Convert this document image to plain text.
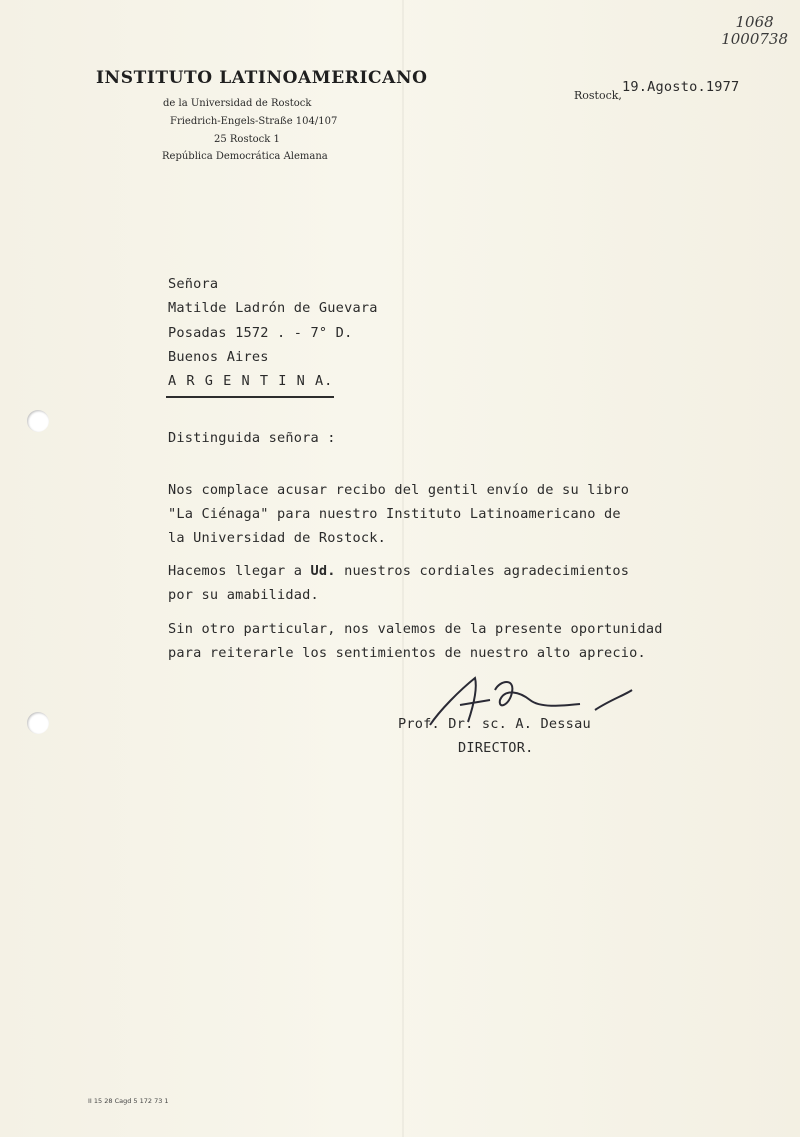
1068
1000738
INSTITUTO LATINOAMERICANO
de la Universidad de Rostock
Friedrich-Engels-Straße 104/107
25 Rostock 1
República Democrática Alemana
Rostock,
19.Agosto.1977
Señora
Matilde Ladrón de Guevara
Posadas 1572 . - 7° D.
Buenos Aires
A R G E N T I N A.
Distinguida señora :
Nos complace acusar recibo del gentil envío de su libro
"La Ciénaga" para nuestro Instituto Latinoamericano de
la Universidad de Rostock.
Hacemos llegar a Ud. nuestros cordiales agradecimientos
por su amabilidad.
Sin otro particular, nos valemos de la presente oportunidad
para reiterarle los sentimientos de nuestro alto aprecio.
Prof. Dr. sc. A. Dessau
DIRECTOR.
II 15 28 Cagd 5 172 73 1
